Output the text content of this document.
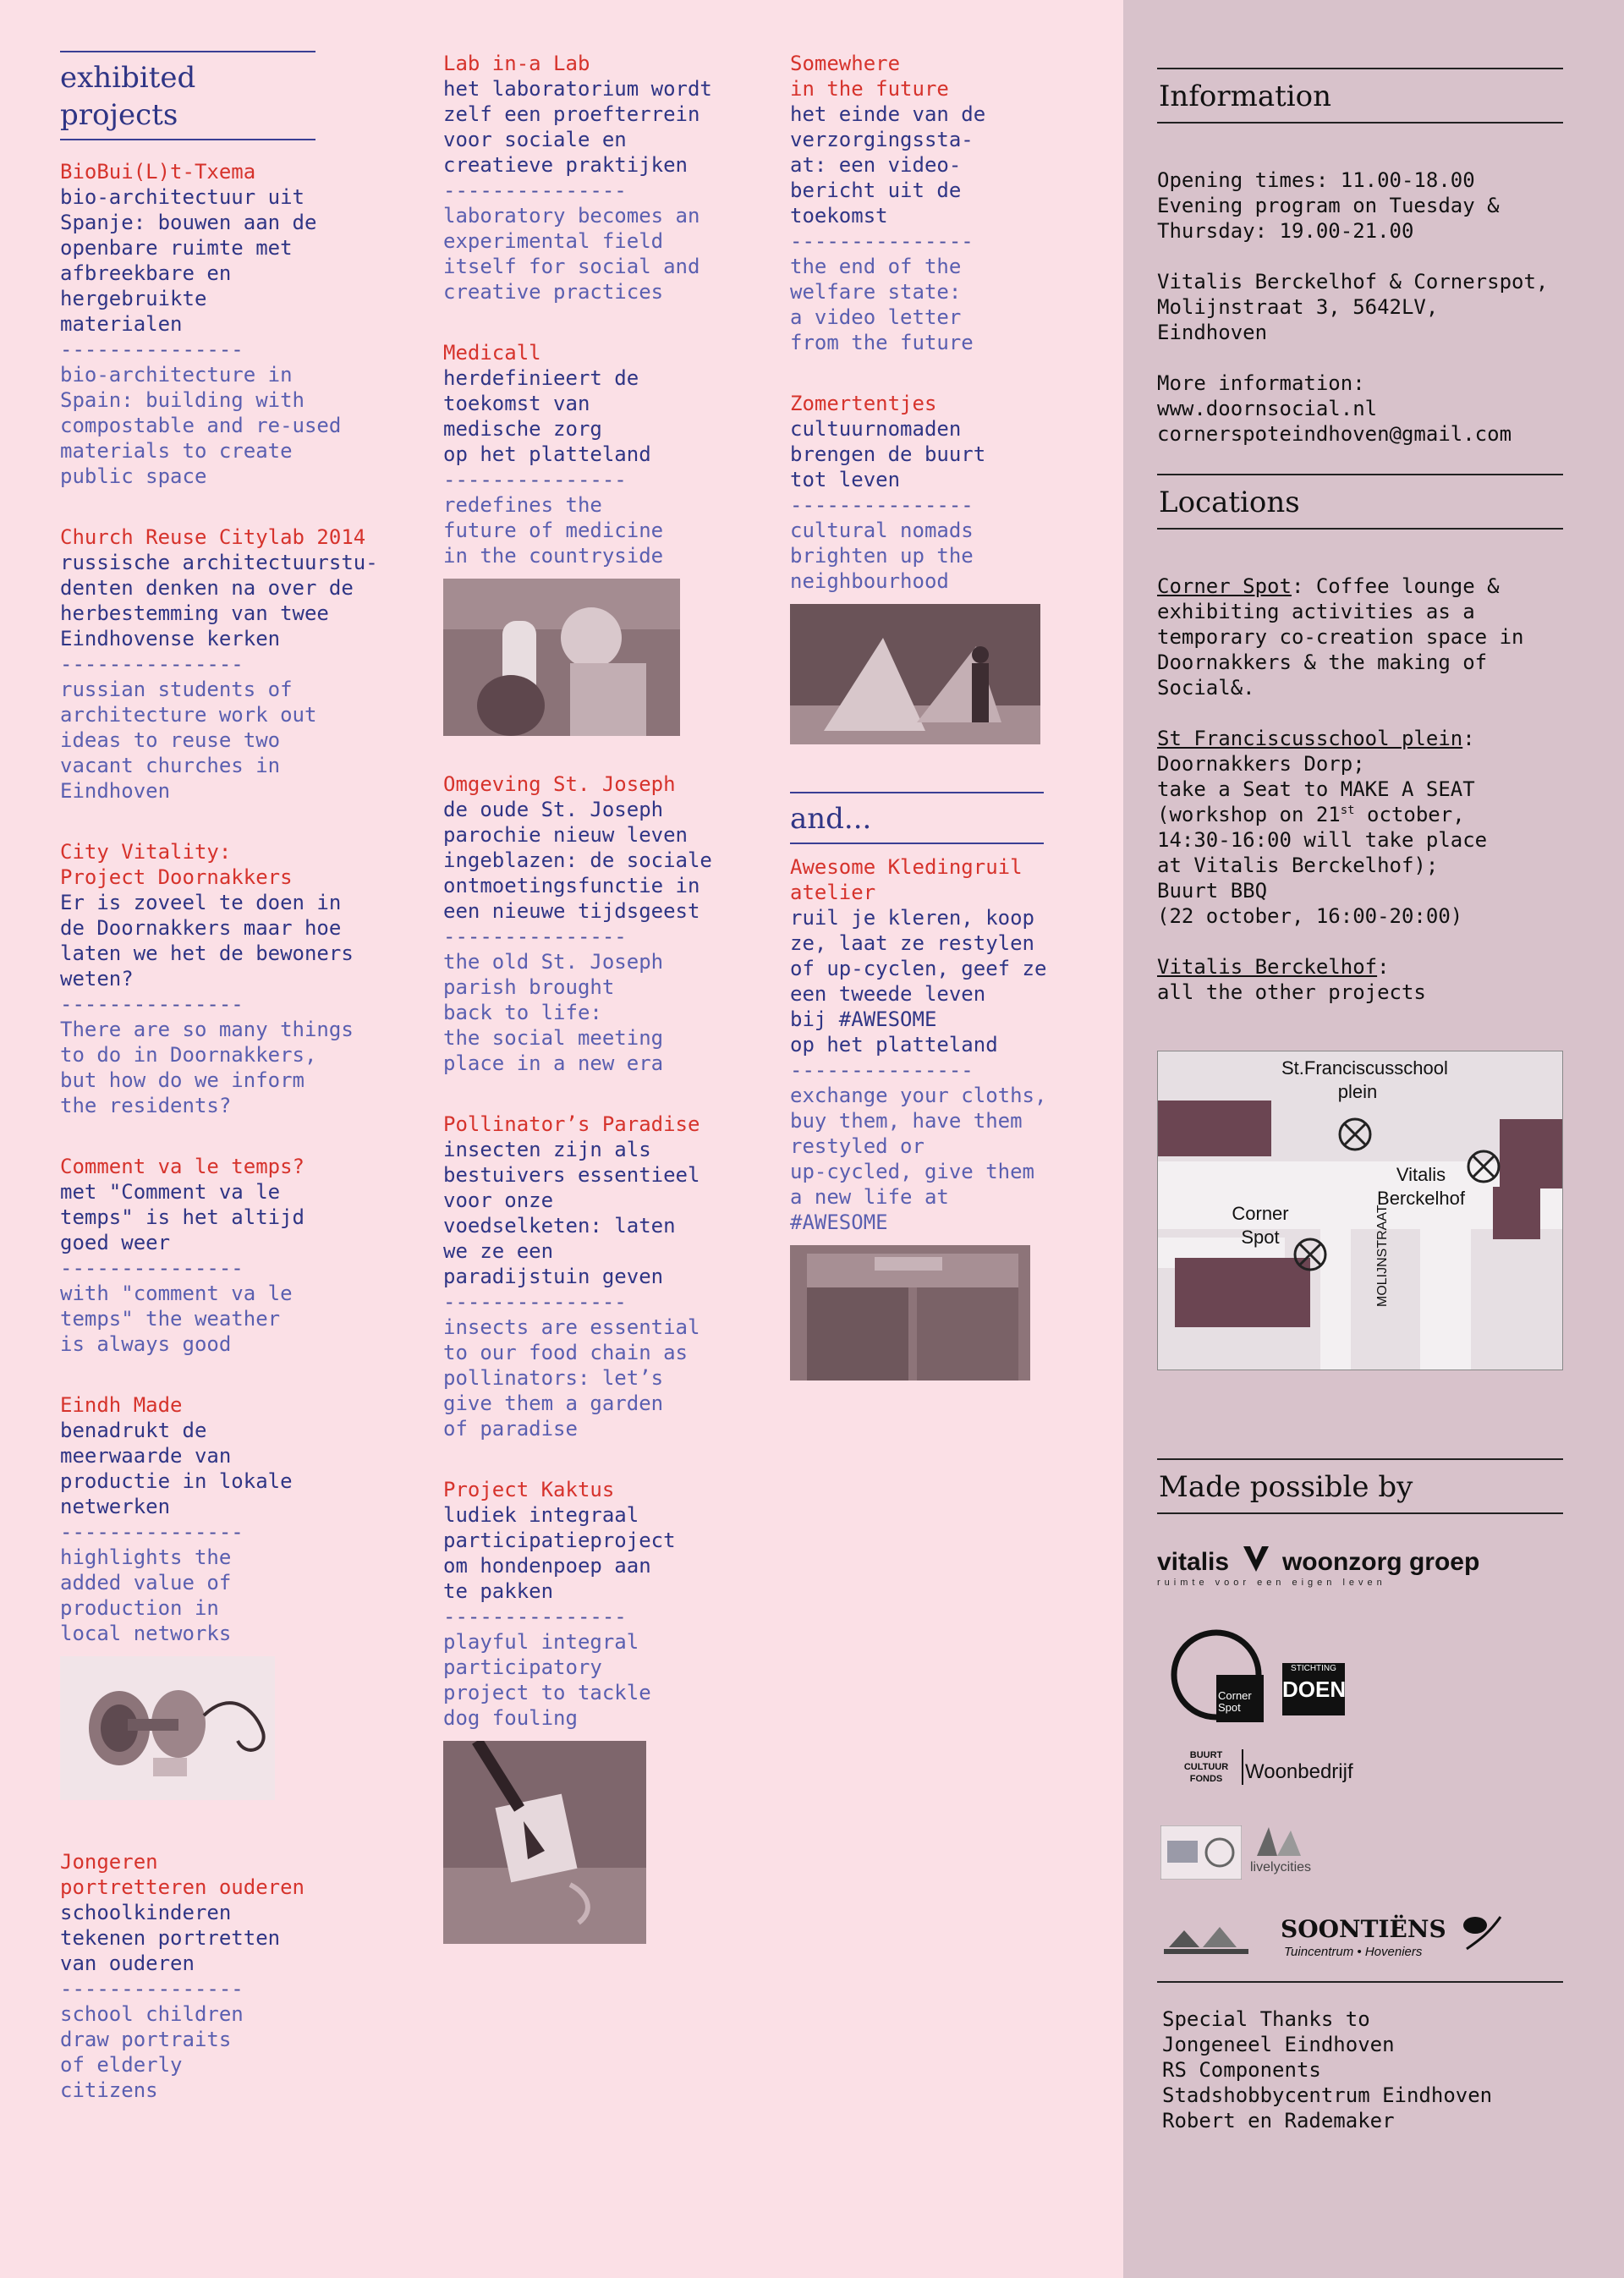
exhibited projects
BioBui(L)t-Txema
bio-architectuur uit
Spanje: bouwen aan de
openbare ruimte met
afbreekbare en
hergebruikte
materialen
---------------
bio-architecture in
Spain: building with
compostable and re-used
materials to create
public space
Church Reuse Citylab 2014
russische architectuurstu-
denten denken na over de
herbestemming van twee
Eindhovense kerken
---------------
russian students of
architecture work out
ideas to reuse two
vacant churches in
Eindhoven
City Vitality:
Project Doornakkers
Er is zoveel te doen in
de Doornakkers maar hoe
laten we het de bewoners
weten?
---------------
There are so many things
to do in Doornakkers,
but how do we inform
the residents?
Comment va le temps?
met "Comment va le
temps" is het altijd
goed weer
---------------
with "comment va le
temps" the weather
is always good
Eindh Made
benadrukt de
meerwaarde van
productie in lokale
netwerken
---------------
highlights the
added value of
production in
local networks
Jongeren
portretteren ouderen
schoolkinderen
tekenen portretten
van ouderen
---------------
school children
draw portraits
of elderly
citizens
Lab in-a Lab
het laboratorium wordt
zelf een proefterrein
voor sociale en
creatieve praktijken
---------------
laboratory becomes an
experimental field
itself for social and
creative practices
Medicall
herdefinieert de
toekomst van
medische zorg
op het platteland
---------------
redefines the
future of medicine
in the countryside
Omgeving St. Joseph
de oude St. Joseph
parochie nieuw leven
ingeblazen: de sociale
ontmoetingsfunctie in
een nieuwe tijdsgeest
---------------
the old St. Joseph
parish brought
back to life:
the social meeting
place in a new era
Pollinator’s Paradise
insecten zijn als
bestuivers essentieel
voor onze
voedselketen: laten
we ze een
paradijstuin geven
---------------
insects are essential
to our food chain as
pollinators: let’s
give them a garden
of paradise
Project Kaktus
ludiek integraal
participatieproject
om hondenpoep aan
te pakken
---------------
playful integral
participatory
project to tackle
dog fouling
Somewhere
in the future
het einde van de
verzorgingssta-
at: een video-
bericht uit de
toekomst
---------------
the end of the
welfare state:
a video letter
from the future
Zomertentjes
cultuurnomaden
brengen de buurt
tot leven
---------------
cultural nomads
brighten up the
neighbourhood
and...
Awesome Kledingruil
atelier
ruil je kleren, koop
ze, laat ze restylen
of up-cyclen, geef ze
een tweede leven
bij #AWESOME
op het platteland
---------------
exchange your cloths,
buy them, have them
restyled or
up-cycled, give them
a new life at
#AWESOME
Information
Opening times: 11.00-18.00
Evening program on Tuesday &
Thursday: 19.00-21.00
Vitalis Berckelhof & Cornerspot,
Molijnstraat 3, 5642LV,
Eindhoven
More information:
www.doornsocial.nl
cornerspoteindhoven@gmail.com
Locations
Corner Spot: Coffee lounge &
exhibiting activities as a
temporary co-creation space in
Doornakkers & the making of
Social&.
St Franciscusschool plein:
Doornakkers Dorp;
take a Seat to MAKE A SEAT
(workshop on 21st october,
14:30-16:00 will take place
at Vitalis Berckelhof);
Buurt BBQ
(22 october, 16:00-20:00)
Vitalis Berckelhof:
all the other projects
St.Franciscusschool
plein
Vitalis
Berckelhof
Corner
Spot	MOLIJNSTRAAT
Made possible by
vitalis woonzorg groep
ruimte voor een eigen leven
Corner
Spot
STICHTING
DOEN
BUURT
CULTUUR
FONDS	Woonbedrijf
livelycities
SOONTIËNS
Tuincentrum • Hoveniers
Special Thanks to
Jongeneel Eindhoven
RS Components
Stadshobbycentrum Eindhoven
Robert en Rademaker
